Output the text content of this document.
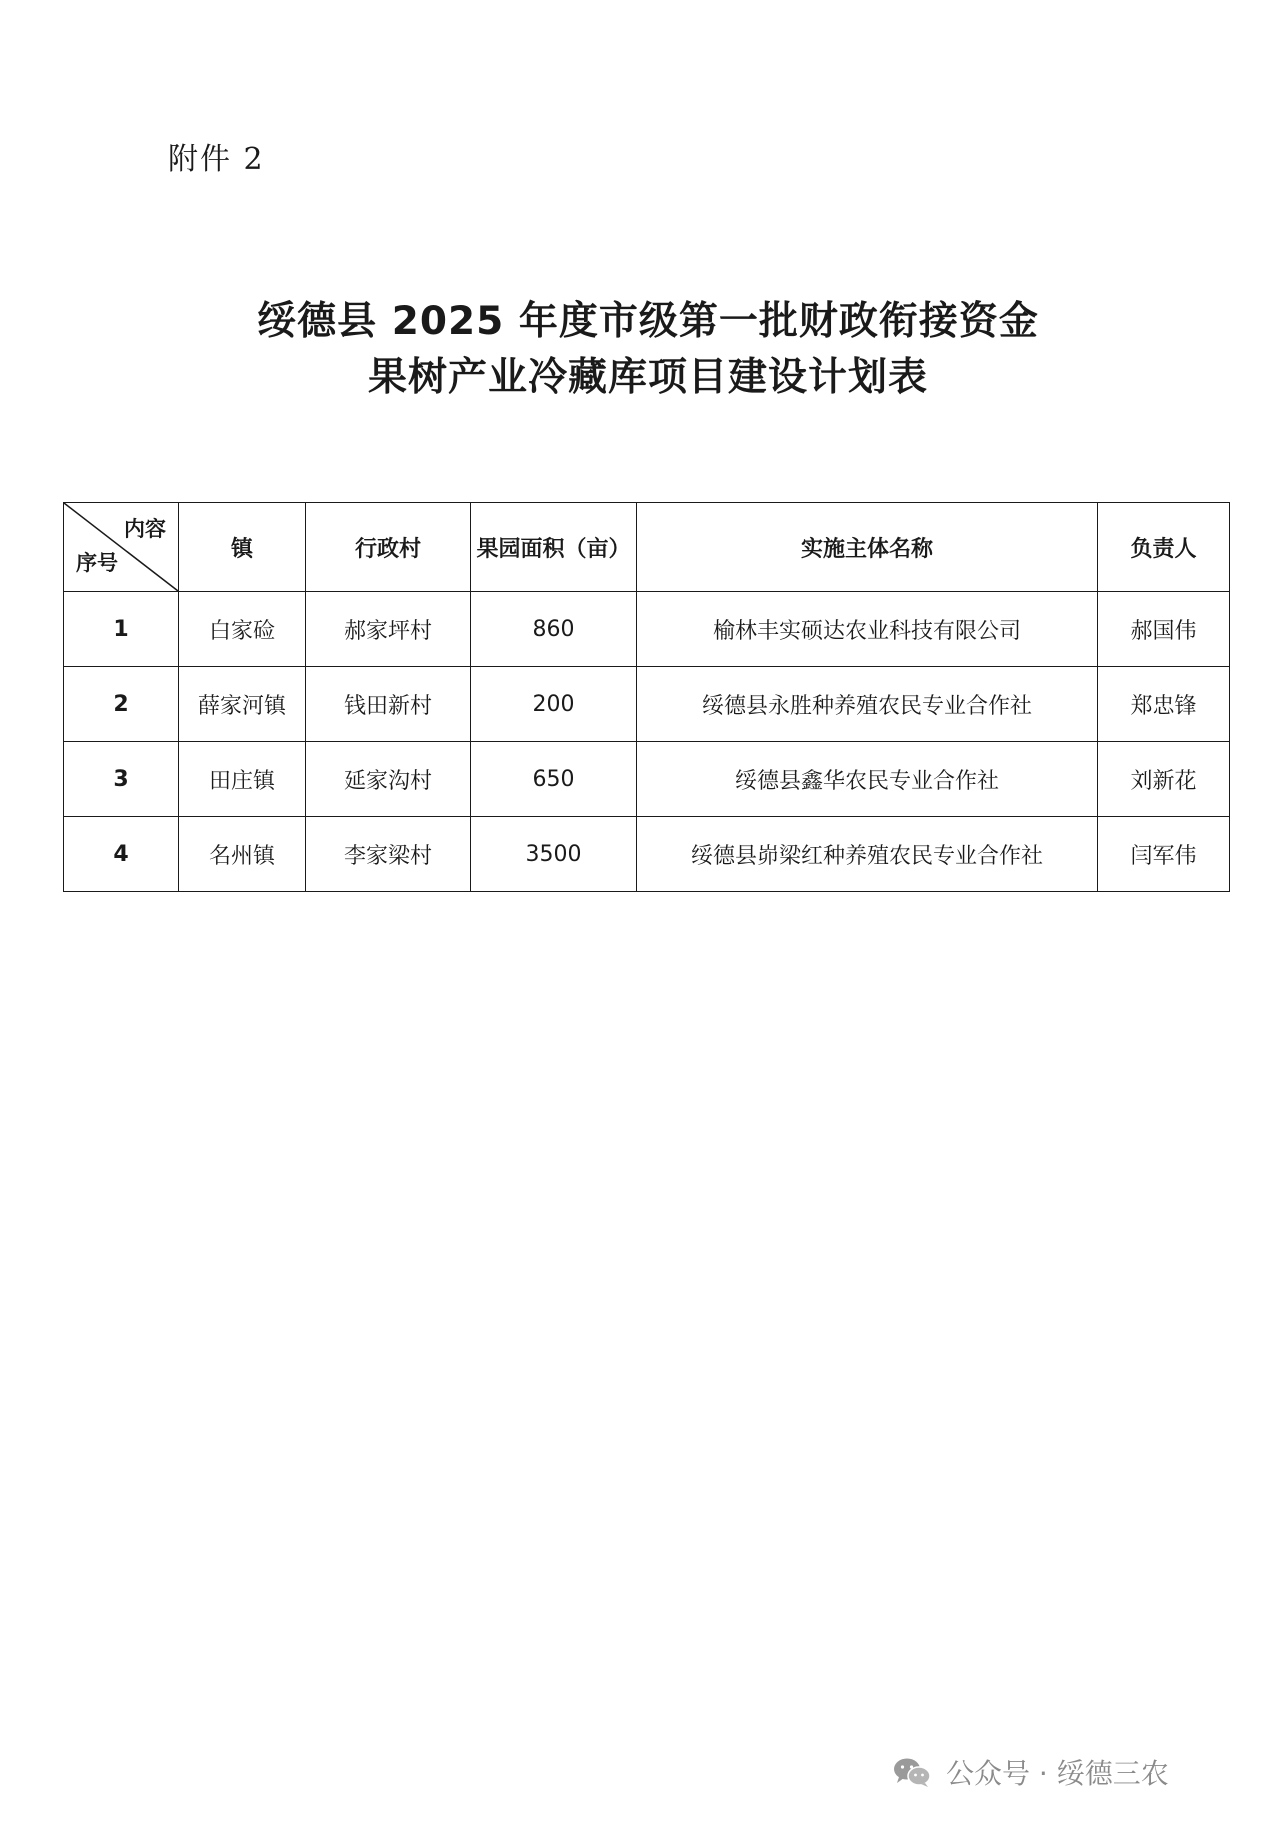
附件 2
绥德县 2025 年度市级第一批财政衔接资金
果树产业冷藏库项目建设计划表
内容
序号	镇	行政村	果园面积（亩）	实施主体名称	负责人
1	白家硷	郝家坪村	860	榆林丰实硕达农业科技有限公司	郝国伟
2	薛家河镇	钱田新村	200	绥德县永胜种养殖农民专业合作社	郑忠锋
3	田庄镇	延家沟村	650	绥德县鑫华农民专业合作社	刘新花
4	名州镇	李家梁村	3500	绥德县峁梁红种养殖农民专业合作社	闫军伟
公众号 · 绥德三农
